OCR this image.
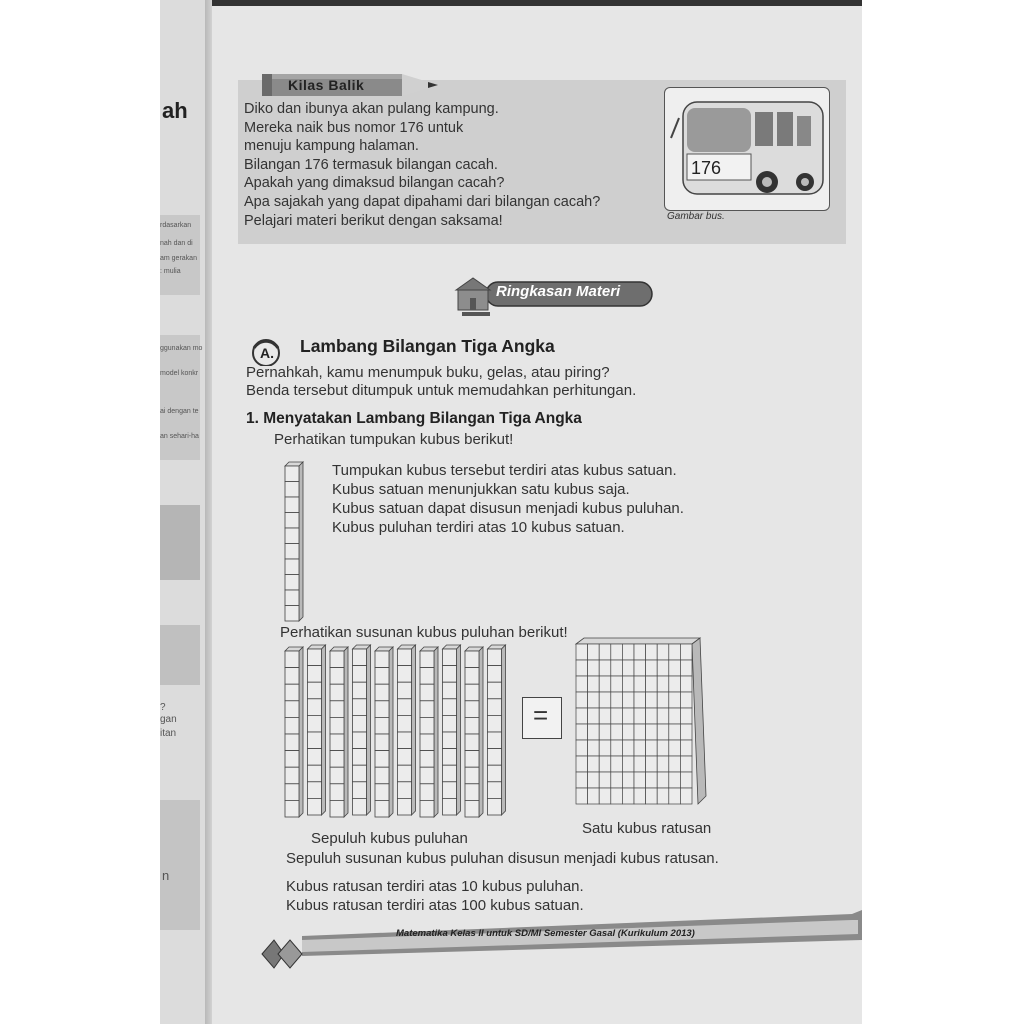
ah
rdasarkan
nah dan di
am gerakan
: mulia
ggunakan mo
model konkr
ai dengan te
an sehari-ha
?
gan
itan
n
Kilas Balik
Diko dan ibunya akan pulang kampung.
Mereka naik bus nomor 176 untuk
menuju kampung halaman.
Bilangan 176 termasuk bilangan cacah.
Apakah yang dimaksud bilangan cacah?
Apa sajakah yang dapat dipahami dari bilangan cacah?
Pelajari materi berikut dengan saksama!
176
Gambar bus.
Ringkasan Materi
A. Lambang Bilangan Tiga Angka
Pernahkah, kamu menumpuk buku, gelas, atau piring?
Benda tersebut ditumpuk untuk memudahkan perhitungan.
1. Menyatakan Lambang Bilangan Tiga Angka
Perhatikan tumpukan kubus berikut!
Tumpukan kubus tersebut terdiri atas kubus satuan.
Kubus satuan menunjukkan satu kubus saja.
Kubus satuan dapat disusun menjadi kubus puluhan.
Kubus puluhan terdiri atas 10 kubus satuan.
Perhatikan susunan kubus puluhan berikut!
=
Sepuluh kubus puluhan
Satu kubus ratusan
Sepuluh susunan kubus puluhan disusun menjadi kubus ratusan.
Kubus ratusan terdiri atas 10 kubus puluhan.
Kubus ratusan terdiri atas 100 kubus satuan.
Matematika Kelas II untuk SD/MI Semester Gasal (Kurikulum 2013)
